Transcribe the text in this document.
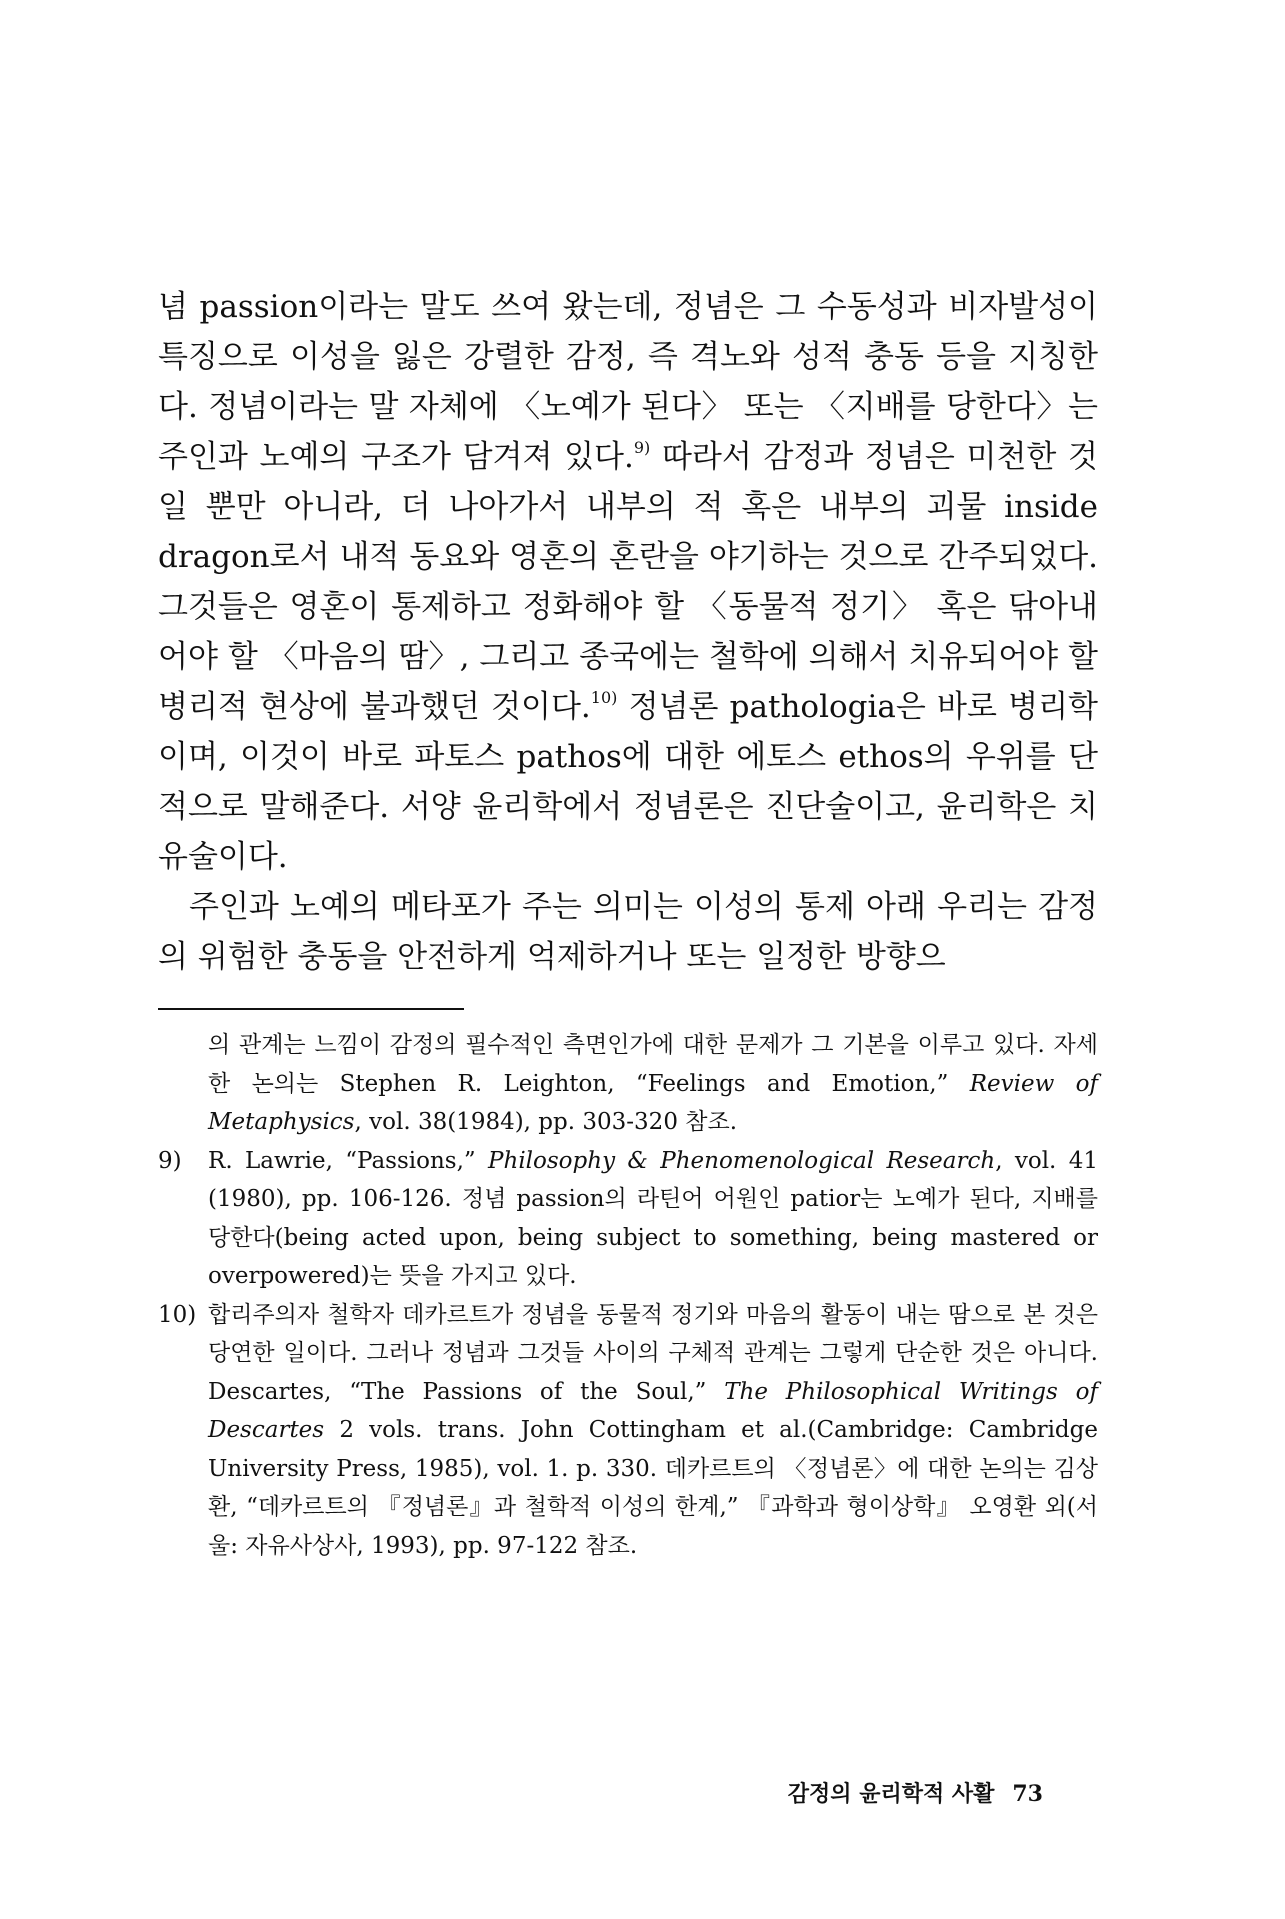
념 passion이라는 말도 쓰여 왔는데, 정념은 그 수동성과 비자발성이 특징으로 이성을 잃은 강렬한 감정, 즉 격노와 성적 충동 등을 지칭한다. 정념이라는 말 자체에 〈노예가 된다〉 또는 〈지배를 당한다〉는 주인과 노예의 구조가 담겨져 있다.$^{9)}$ 따라서 감정과 정념은 미천한 것일 뿐만 아니라, 더 나아가서 내부의 적 혹은 내부의 괴물 inside dragon로서 내적 동요와 영혼의 혼란을 야기하는 것으로 간주되었다. 그것들은 영혼이 통제하고 정화해야 할 〈동물적 정기〉 혹은 닦아내어야 할 〈마음의 땀〉, 그리고 종국에는 철학에 의해서 치유되어야 할 병리적 현상에 불과했던 것이다.$^{10)}$ 정념론 pathologia은 바로 병리학이며, 이것이 바로 파토스 pathos에 대한 에토스 ethos의 우위를 단적으로 말해준다. 서양 윤리학에서 정념론은 진단술이고, 윤리학은 치유술이다.

주인과 노예의 메타포가 주는 의미는 이성의 통제 아래 우리는 감정의 위험한 충동을 안전하게 억제하거나 또는 일정한 방향으

의 관계는 느낌이 감정의 필수적인 측면인가에 대한 문제가 그 기본을 이루고 있다. 자세한 논의는 Stephen R. Leighton, “Feelings and Emotion,” Review of Metaphysics, vol. 38(1984), pp. 303-320 참조.
9) R. Lawrie, “Passions,” Philosophy & Phenomenological Research, vol. 41 (1980), pp. 106-126. 정념 passion의 라틴어 어원인 patior는 노예가 된다, 지배를 당한다(being acted upon, being subject to something, being mastered or overpowered)는 뜻을 가지고 있다.
10) 합리주의자 철학자 데카르트가 정념을 동물적 정기와 마음의 활동이 내는 땀으로 본 것은 당연한 일이다. 그러나 정념과 그것들 사이의 구체적 관계는 그렇게 단순한 것은 아니다. Descartes, “The Passions of the Soul,” The Philosophical Writings of Descartes 2 vols. trans. John Cottingham et al.(Cambridge: Cambridge University Press, 1985), vol. 1. p. 330. 데카르트의 〈정념론〉에 대한 논의는 김상환, “데카르트의 『정념론』과 철학적 이성의 한계,” 『과학과 형이상학』 오영환 외(서울: 자유사상사, 1993), pp. 97-122 참조.
감정의 윤리학적 사활 73
